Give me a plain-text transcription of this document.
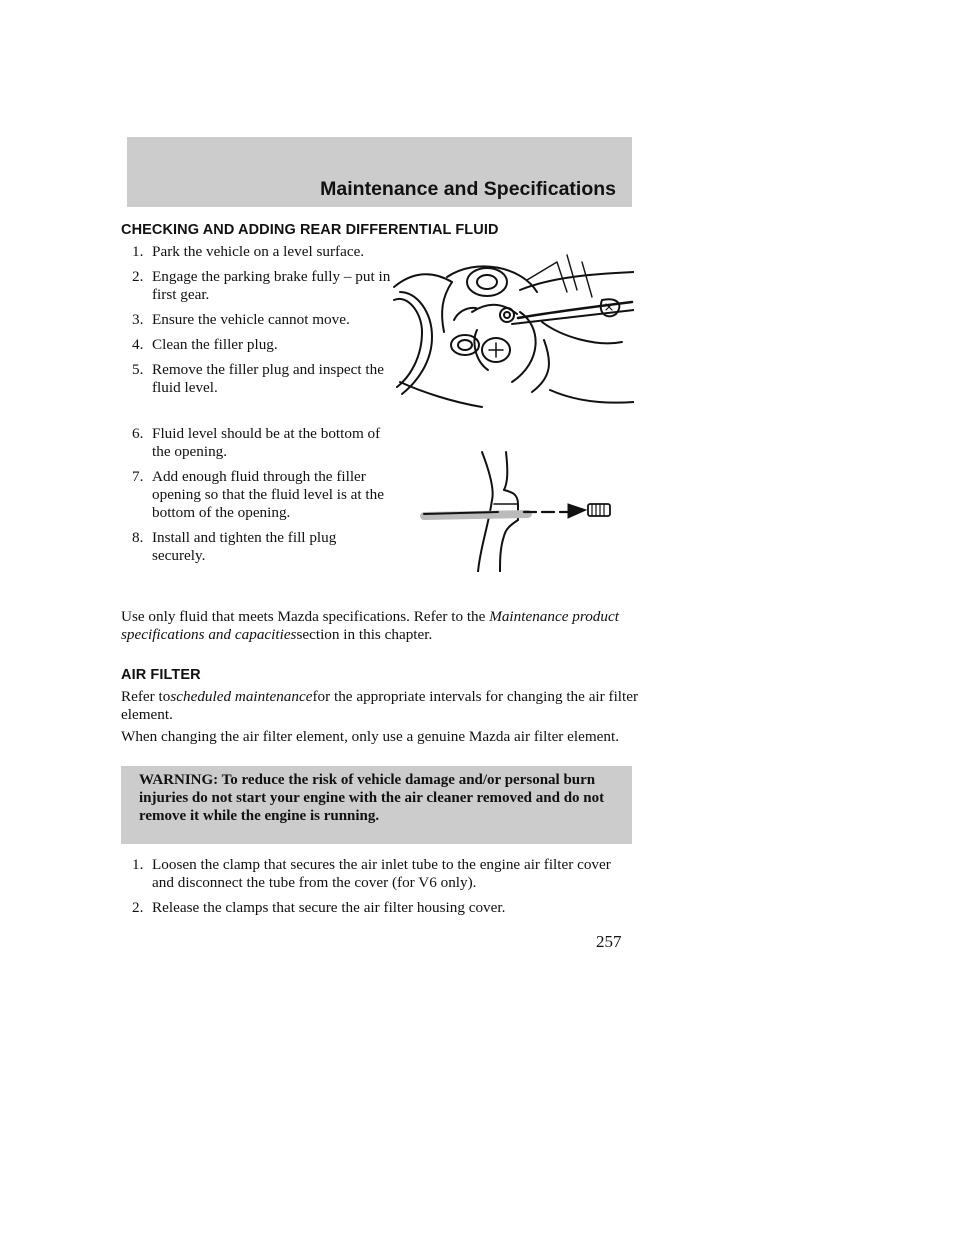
Maintenance and Specifications
CHECKING AND ADDING REAR DIFFERENTIAL FLUID
1. Park the vehicle on a level surface.
2. Engage the parking brake fully – put in first gear.
3. Ensure the vehicle cannot move.
4. Clean the filler plug.
5. Remove the filler plug and inspect the fluid level.
6. Fluid level should be at the bottom of the opening.
7. Add enough fluid through the filler opening so that the fluid level is at the bottom of the opening.
8. Install and tighten the fill plug securely.

Use only fluid that meets Mazda specifications. Refer to the Maintenance product specifications and capacitiessection in this chapter.

AIR FILTER

Refer toscheduled maintenancefor the appropriate intervals for changing the air filter element.

When changing the air filter element, only use a genuine Mazda air filter element.

WARNING: To reduce the risk of vehicle damage and/or personal burn injuries do not start your engine with the air cleaner removed and do not remove it while the engine is running.

1. Loosen the clamp that secures the air inlet tube to the engine air filter cover and disconnect the tube from the cover (for V6 only).
2. Release the clamps that secure the air filter housing cover.
257
